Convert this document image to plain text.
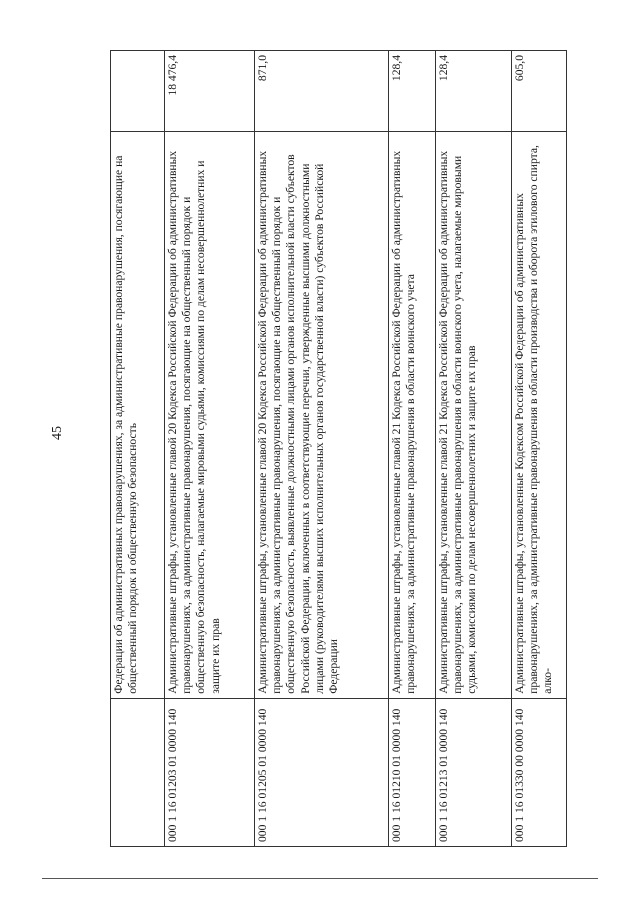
45
		Федерации об административных правонарушениях, за административные правонарушения, посягающие на общественный порядок и общественную безопасность	
000 1 16 01203 01 0000 140	Административные штрафы, установленные главой 20 Кодекса Российской Федерации об административных правонарушениях, за административные правонарушения, посягающие на общественный порядок и общественную безопасность, налагаемые мировыми судьями, комиссиями по делам несовершеннолетних и защите их прав	18 476,4
000 1 16 01205 01 0000 140	Административные штрафы, установленные главой 20 Кодекса Российской Федерации об административных правонарушениях, за административные правонарушения, посягающие на общественный порядок и общественную безопасность, выявленные должностными лицами органов исполнительной власти субъектов Российской Федерации, включенных в соответствующие перечни, утвержденные высшими должностными лицами (руководителями высших исполнительных органов государственной власти) субъектов Российской Федерации	871,0
000 1 16 01210 01 0000 140	Административные штрафы, установленные главой 21 Кодекса Российской Федерации об административных правонарушениях, за административные правонарушения в области воинского учета	128,4
000 1 16 01213 01 0000 140	Административные штрафы, установленные главой 21 Кодекса Российской Федерации об административных правонарушениях, за административные правонарушения в области воинского учета, налагаемые мировыми судьями, комиссиями по делам несовершеннолетних и защите их прав	128,4
000 1 16 01330 00 0000 140	Административные штрафы, установленные Кодексом Российской Федерации об административных правонарушениях, за административные правонарушения в области производства и оборота этилового спирта, алко-	605,0
